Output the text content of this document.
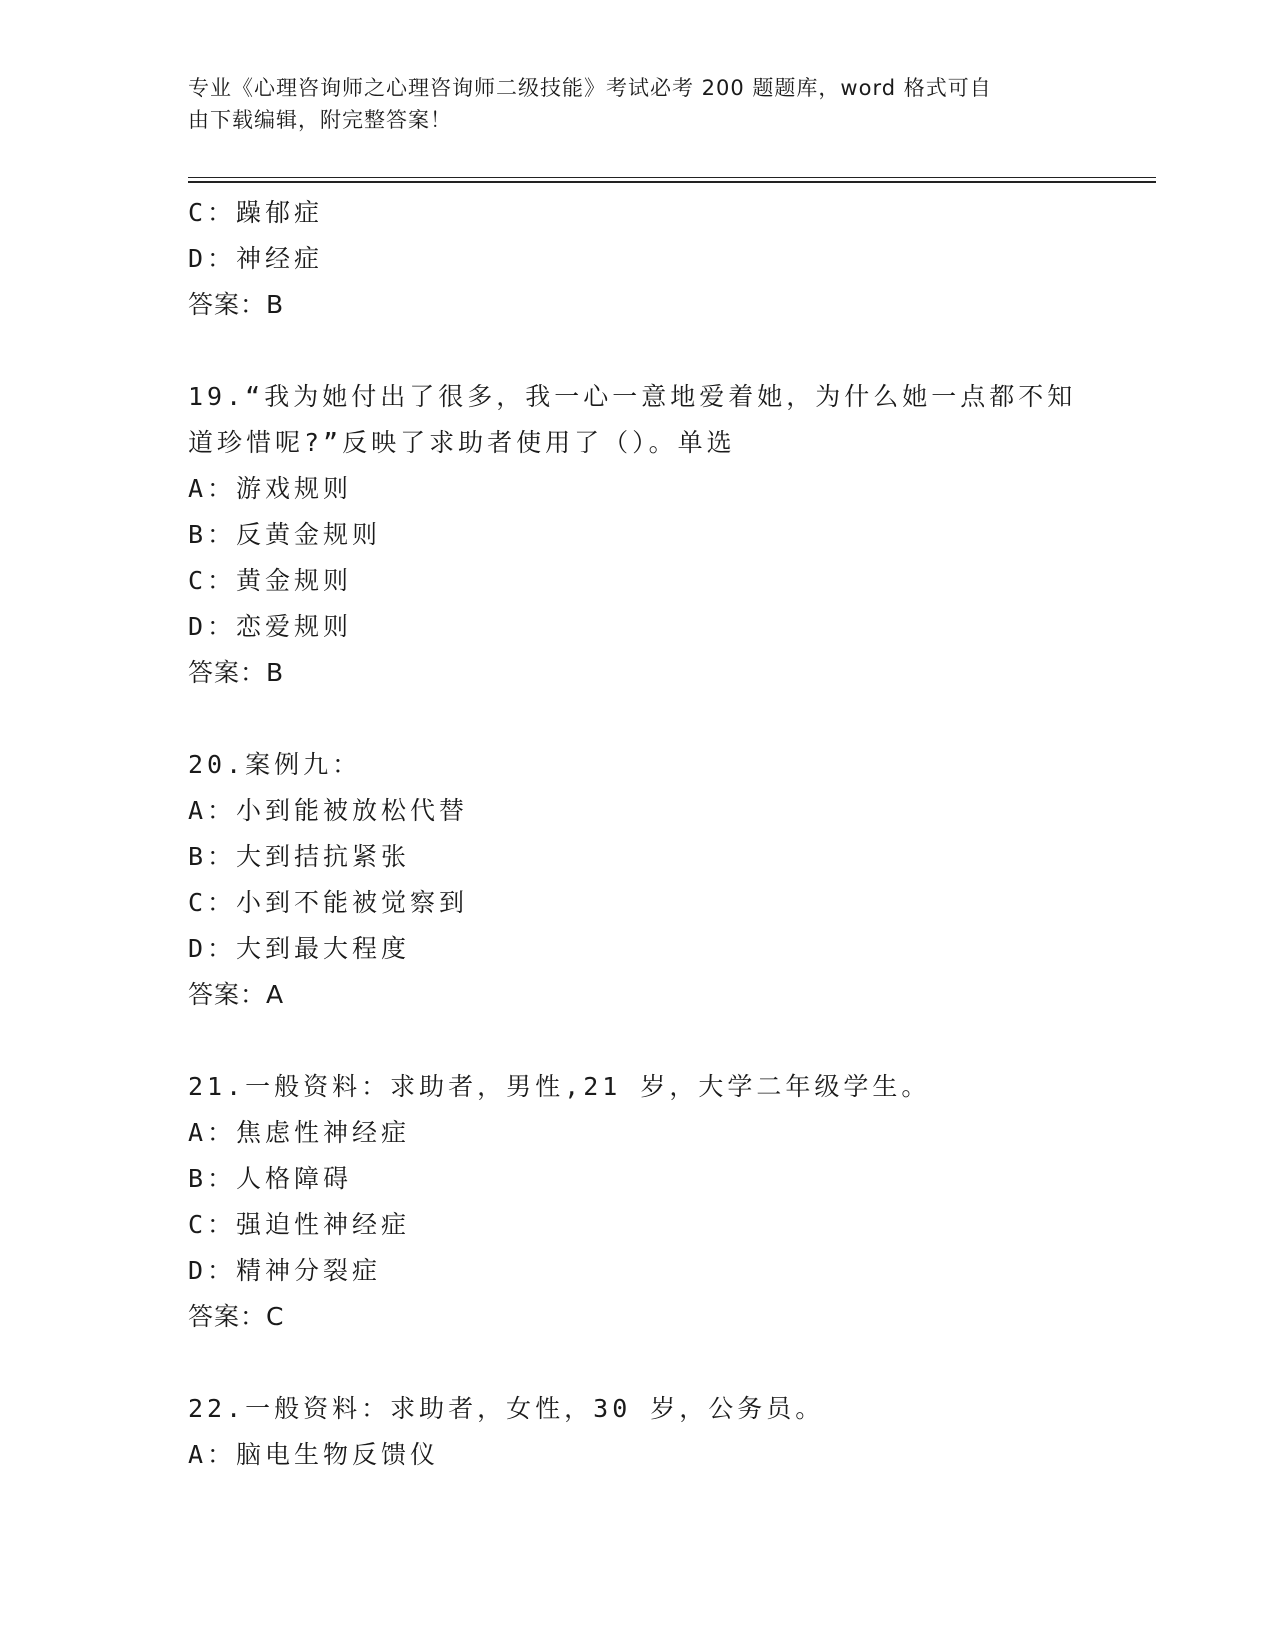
专业《心理咨询师之心理咨询师二级技能》考试必考 200 题题库，word 格式可自
由下载编辑，附完整答案！
C：躁郁症
D：神经症
答案：B
19.“我为她付出了很多，我一心一意地爱着她，为什么她一点都不知
道珍惜呢?”反映了求助者使用了（）。单选
A：游戏规则
B：反黄金规则
C：黄金规则
D：恋爱规则
答案：B
20.案例九：
A：小到能被放松代替
B：大到拮抗紧张
C：小到不能被觉察到
D：大到最大程度
答案：A
21.一般资料：求助者，男性,21 岁，大学二年级学生。
A：焦虑性神经症
B：人格障碍
C：强迫性神经症
D：精神分裂症
答案：C
22.一般资料：求助者，女性，30 岁，公务员。
A：脑电生物反馈仪
